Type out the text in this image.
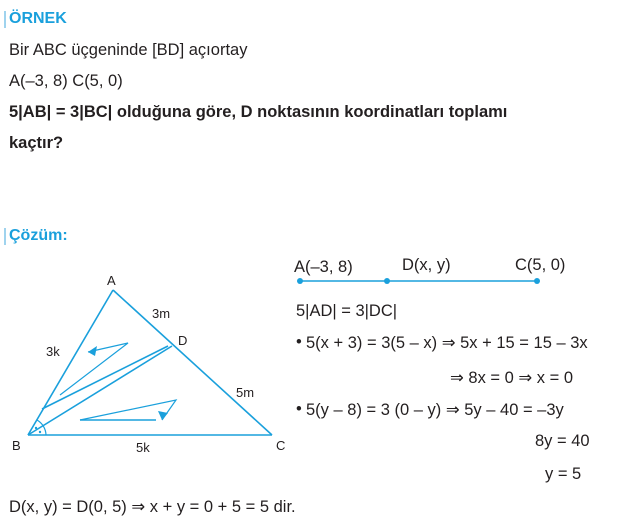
ÖRNEK
Bir ABC üçgeninde [BD] açıortay
A(–3, 8) C(5, 0)
5|AB| = 3|BC| olduğuna göre, D noktasının koordinatları toplamı
kaçtır?
Çözüm:
A
B	C
D
3k
5k
3m
5m
A(–3, 8)	D(x, y)	C(5, 0)
5|AD| = 3|DC|
• 5(x + 3) = 3(5 – x) ⇒ 5x + 15 = 15 – 3x
⇒ 8x = 0 ⇒ x = 0
• 5(y – 8) = 3 (0 – y) ⇒ 5y – 40 = –3y
8y = 40
y = 5
D(x, y) = D(0, 5) ⇒ x + y = 0 + 5 = 5 dir.
